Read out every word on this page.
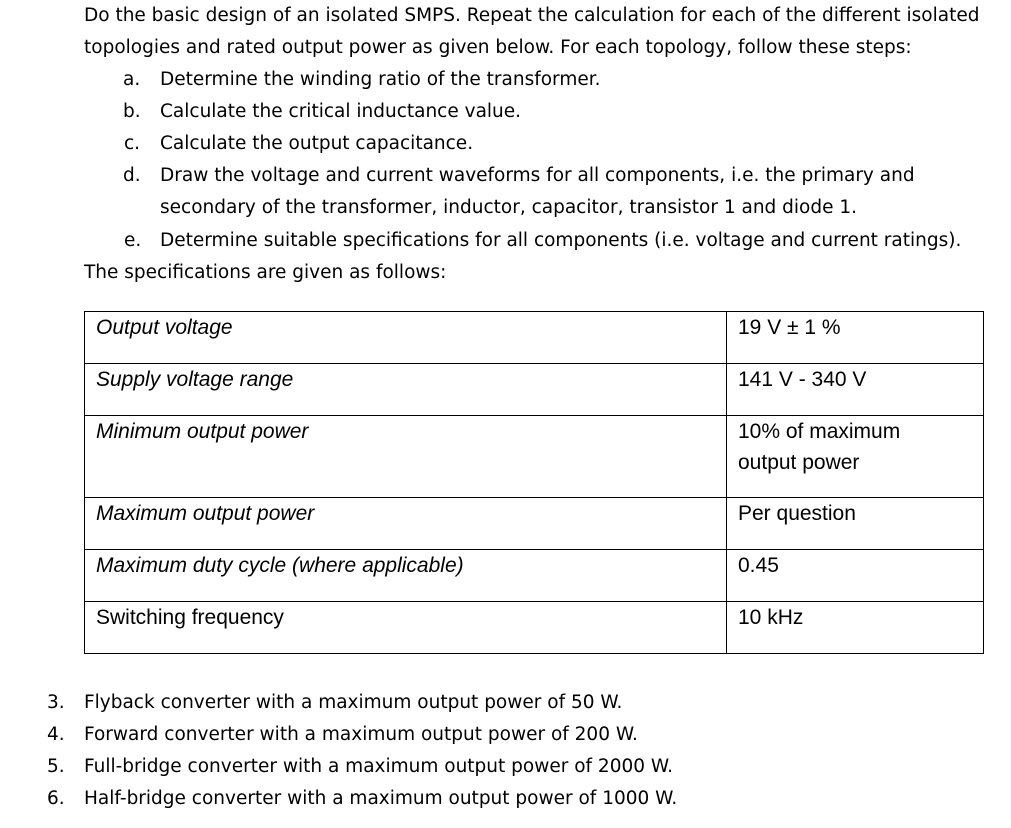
Do the basic design of an isolated SMPS. Repeat the calculation for each of the different isolated
topologies and rated output power as given below. For each topology, follow these steps:
a. Determine the winding ratio of the transformer.
b. Calculate the critical inductance value.
c. Calculate the output capacitance.
d. Draw the voltage and current waveforms for all components, i.e. the primary and
secondary of the transformer, inductor, capacitor, transistor 1 and diode 1.
e. Determine suitable specifications for all components (i.e. voltage and current ratings).
The specifications are given as follows:
Output voltage	19 V ± 1 %
Supply voltage range	141 V - 340 V
Minimum output power	10% of maximum
output power

Maximum output power	Per question
Maximum duty cycle (where applicable)	0.45
Switching frequency	10 kHz
3. Flyback converter with a maximum output power of 50 W.
4. Forward converter with a maximum output power of 200 W.
5. Full-bridge converter with a maximum output power of 2000 W.
6. Half-bridge converter with a maximum output power of 1000 W.
